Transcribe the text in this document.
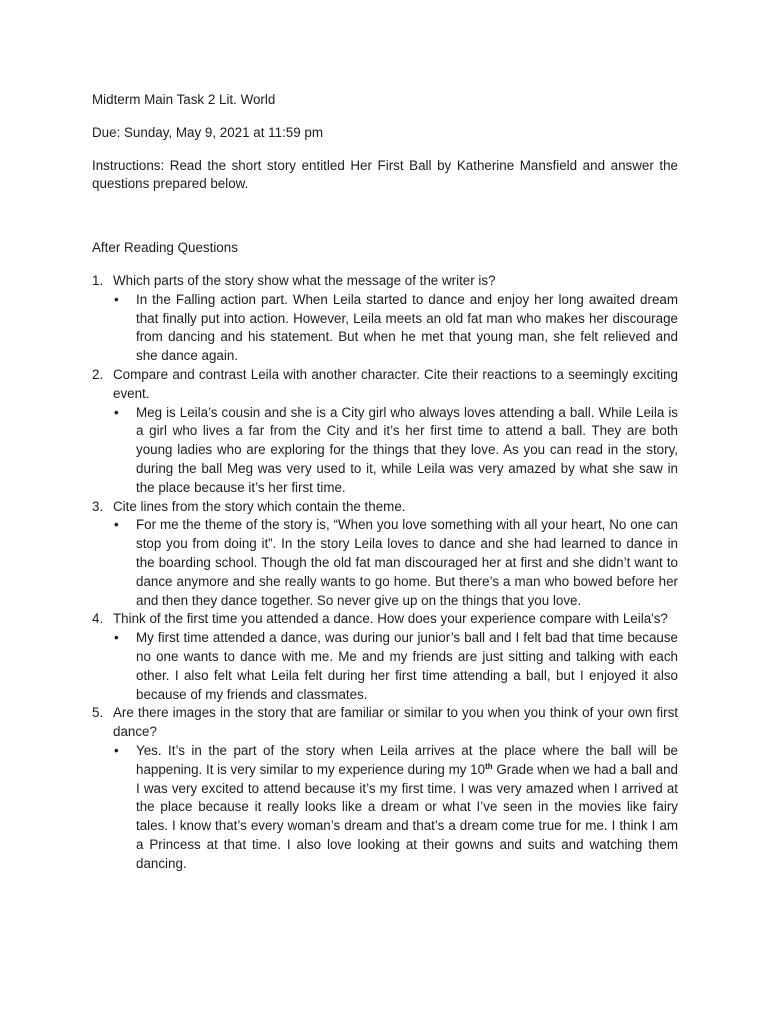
Midterm Main Task 2 Lit. World

Due: Sunday, May 9, 2021 at 11:59 pm

Instructions: Read the short story entitled Her First Ball by Katherine Mansfield and answer the questions prepared below.

After Reading Questions

1. Which parts of the story show what the message of the writer is?
• In the Falling action part. When Leila started to dance and enjoy her long awaited dream that finally put into action. However, Leila meets an old fat man who makes her discourage from dancing and his statement. But when he met that young man, she felt relieved and she dance again.
2. Compare and contrast Leila with another character. Cite their reactions to a seemingly exciting event.
• Meg is Leila’s cousin and she is a City girl who always loves attending a ball. While Leila is a girl who lives a far from the City and it’s her first time to attend a ball. They are both young ladies who are exploring for the things that they love. As you can read in the story, during the ball Meg was very used to it, while Leila was very amazed by what she saw in the place because it’s her first time.
3. Cite lines from the story which contain the theme.
• For me the theme of the story is, “When you love something with all your heart, No one can stop you from doing it”. In the story Leila loves to dance and she had learned to dance in the boarding school. Though the old fat man discouraged her at first and she didn’t want to dance anymore and she really wants to go home. But there’s a man who bowed before her and then they dance together. So never give up on the things that you love.
4. Think of the first time you attended a dance. How does your experience compare with Leila's?
• My first time attended a dance, was during our junior’s ball and I felt bad that time because no one wants to dance with me. Me and my friends are just sitting and talking with each other. I also felt what Leila felt during her first time attending a ball, but I enjoyed it also because of my friends and classmates.
5. Are there images in the story that are familiar or similar to you when you think of your own first dance?
• Yes. It’s in the part of the story when Leila arrives at the place where the ball will be happening. It is very similar to my experience during my 10th Grade when we had a ball and I was very excited to attend because it’s my first time. I was very amazed when I arrived at the place because it really looks like a dream or what I’ve seen in the movies like fairy tales. I know that’s every woman’s dream and that’s a dream come true for me. I think I am a Princess at that time. I also love looking at their gowns and suits and watching them dancing.
